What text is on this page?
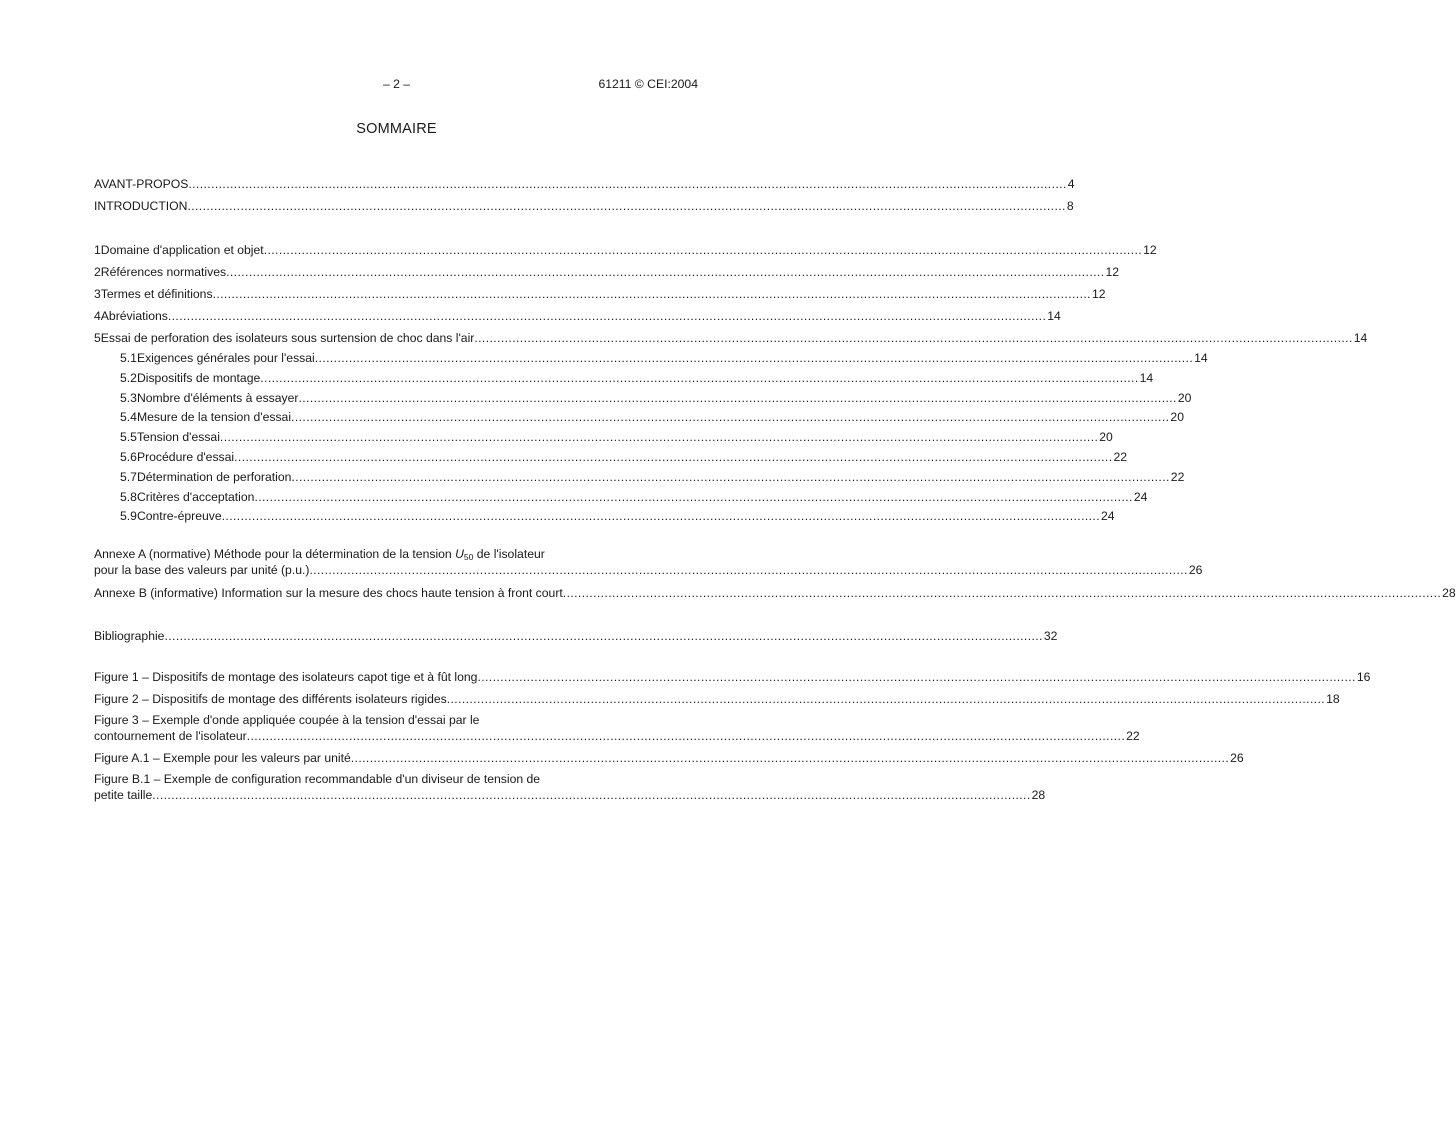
– 2 –	61211 © CEI:2004
SOMMAIRE
AVANT-PROPOS .....	4
INTRODUCTION .....	8
1 Domaine d'application et objet .....	12
2 Références normatives .....	12
3 Termes et définitions .....	12
4 Abréviations .....	14
5 Essai de perforation des isolateurs sous surtension de choc dans l'air .....	14
5.1 Exigences générales pour l'essai .....	14
5.2 Dispositifs de montage .....	14
5.3 Nombre d'éléments à essayer .....	20
5.4 Mesure de la tension d'essai .....	20
5.5 Tension d'essai .....	20
5.6 Procédure d'essai .....	22
5.7 Détermination de perforation .....	22
5.8 Critères d'acceptation .....	24
5.9 Contre-épreuve .....	24
Annexe A (normative) Méthode pour la détermination de la tension $U_{50}$ de l'isolateur
pour la base des valeurs par unité (p.u.) .....	26
Annexe B (informative) Information sur la mesure des chocs haute tension à front court .....	28
Bibliographie .....	32
Figure 1 – Dispositifs de montage des isolateurs capot tige et à fût long .....	16
Figure 2 – Dispositifs de montage des différents isolateurs rigides .....	18
Figure 3 – Exemple d'onde appliquée coupée à la tension d'essai par le
contournement de l'isolateur .....	22
Figure A.1 – Exemple pour les valeurs par unité .....	26
Figure B.1 – Exemple de configuration recommandable d'un diviseur de tension de
petite taille .....	28
